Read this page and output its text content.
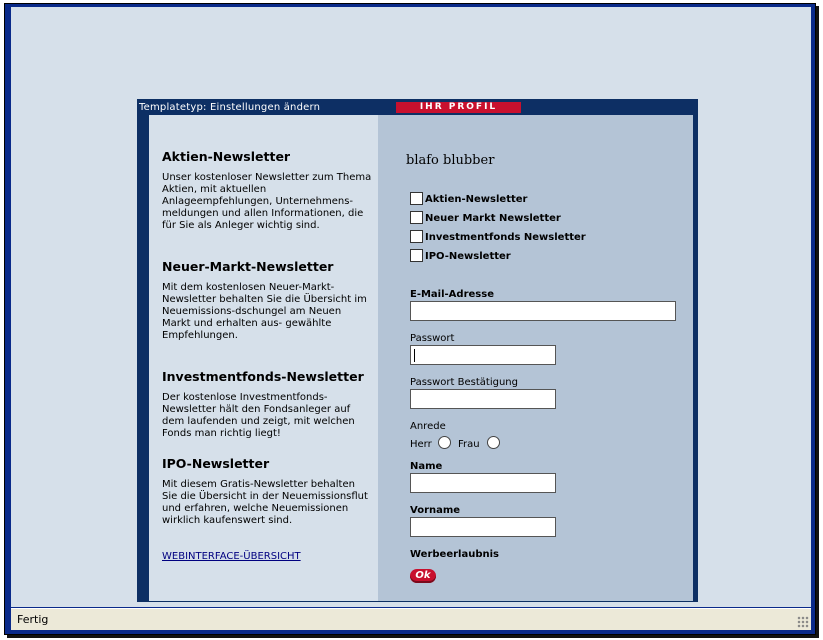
Templatetyp: Einstellungen ändern	IHR PROFIL
Aktien-Newsletter
Unser kostenloser Newsletter zum Thema Aktien, mit aktuellen Anlageempfehlungen, Unternehmens- meldungen und allen Informationen, die für Sie als Anleger wichtig sind.
Neuer-Markt-Newsletter
Mit dem kostenlosen Neuer-Markt-Newsletter behalten Sie die Übersicht im Neuemissions-dschungel am Neuen Markt und erhalten aus- gewählte Empfehlungen.
Investmentfonds-Newsletter
Der kostenlose Investmentfonds-Newsletter hält den Fondsanleger auf dem laufenden und zeigt, mit welchen Fonds man richtig liegt!
IPO-Newsletter
Mit diesem Gratis-Newsletter behalten Sie die Übersicht in der Neuemissionsflut und erfahren, welche Neuemissionen wirklich kaufenswert sind.
WEBINTERFACE-ÜBERSICHT
blafo blubber
Aktien-Newsletter
Neuer Markt Newsletter
Investmentfonds Newsletter
IPO-Newsletter
E-Mail-Adresse
Passwort
Passwort Bestätigung
Anrede
Herr	Frau
Name
Vorname
Werbeerlaubnis
Ok
Fertig
